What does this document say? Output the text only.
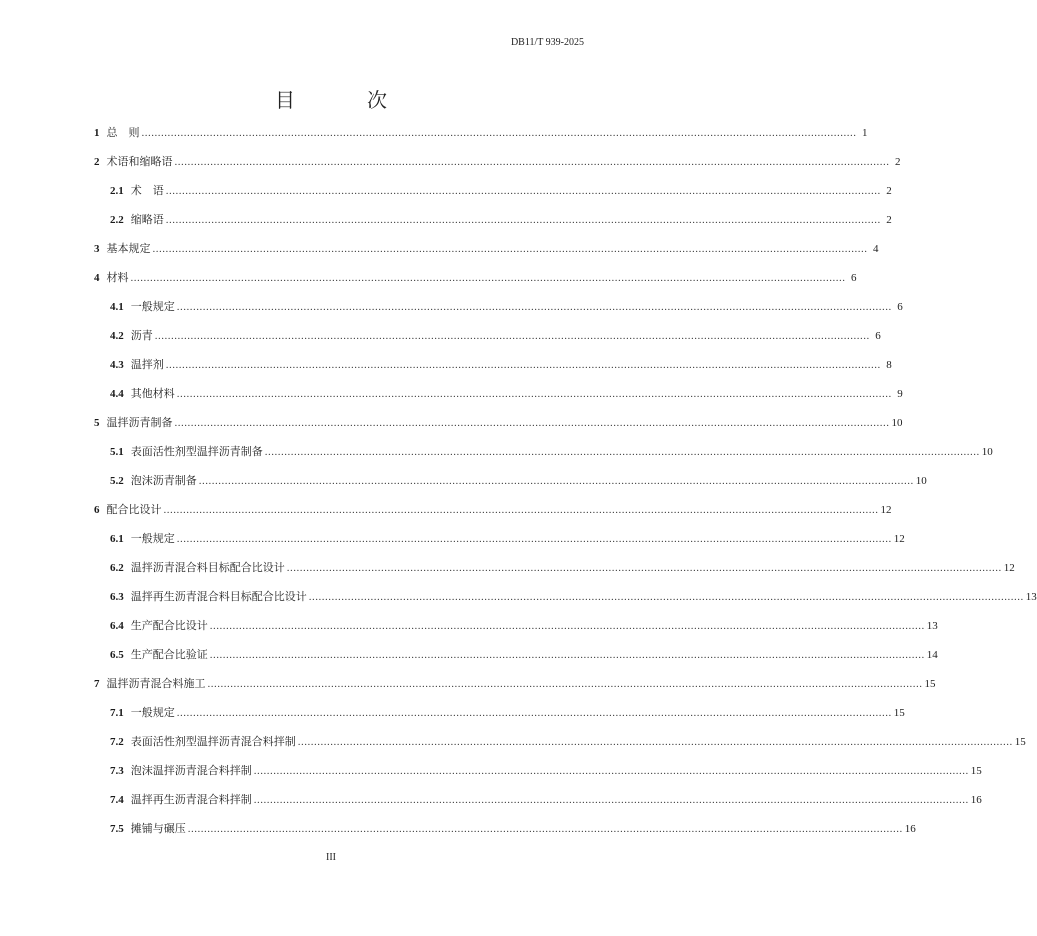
DB11/T 939-2025
目　次
1 总　则 ............................................................................................................................................................................................................................ 1
2 术语和缩略语 ............................................................................................................................................................................................................................ 2
2.1 术　语 ............................................................................................................................................................................................................................ 2
2.2 缩略语 ............................................................................................................................................................................................................................ 2
3 基本规定 ............................................................................................................................................................................................................................ 4
4 材料 ............................................................................................................................................................................................................................ 6
4.1 一般规定 ............................................................................................................................................................................................................................ 6
4.2 沥青 ............................................................................................................................................................................................................................ 6
4.3 温拌剂 ............................................................................................................................................................................................................................ 8
4.4 其他材料 ............................................................................................................................................................................................................................ 9
5 温拌沥青制备 ............................................................................................................................................................................................................................ 10
5.1 表面活性剂型温拌沥青制备 ............................................................................................................................................................................................................................ 10
5.2 泡沫沥青制备 ............................................................................................................................................................................................................................ 10
6 配合比设计 ............................................................................................................................................................................................................................ 12
6.1 一般规定 ............................................................................................................................................................................................................................ 12
6.2 温拌沥青混合料目标配合比设计 ............................................................................................................................................................................................................................ 12
6.3 温拌再生沥青混合料目标配合比设计 ............................................................................................................................................................................................................................ 13
6.4 生产配合比设计 ............................................................................................................................................................................................................................ 13
6.5 生产配合比验证 ............................................................................................................................................................................................................................ 14
7 温拌沥青混合料施工 ............................................................................................................................................................................................................................ 15
7.1 一般规定 ............................................................................................................................................................................................................................ 15
7.2 表面活性剂型温拌沥青混合料拌制 ............................................................................................................................................................................................................................ 15
7.3 泡沫温拌沥青混合料拌制 ............................................................................................................................................................................................................................ 15
7.4 温拌再生沥青混合料拌制 ............................................................................................................................................................................................................................ 16
7.5 摊铺与碾压 ............................................................................................................................................................................................................................ 16
III
